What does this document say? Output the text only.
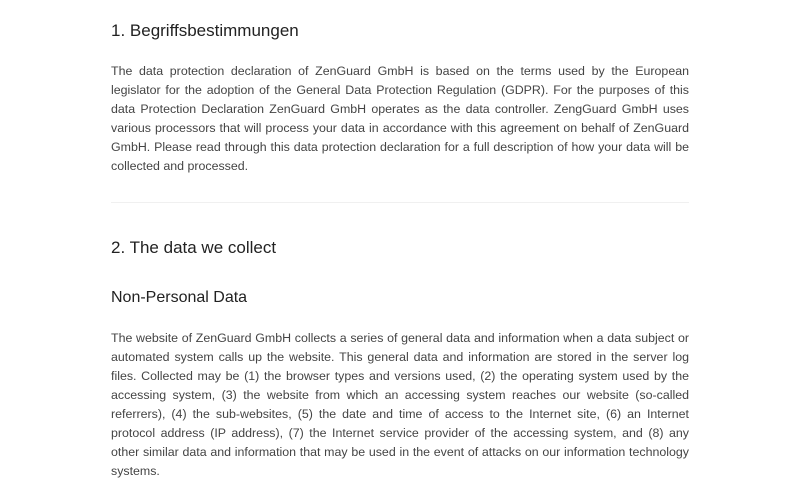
1. Begriffsbestimmungen

The data protection declaration of ZenGuard GmbH is based on the terms used by the European legislator for the adoption of the General Data Protection Regulation (GDPR). For the purposes of this data Protection Declaration ZenGuard GmbH operates as the data controller. ZengGuard GmbH uses various processors that will process your data in accordance with this agreement on behalf of ZenGuard GmbH. Please read through this data protection declaration for a full description of how your data will be collected and processed.

2. The data we collect
Non-Personal Data

The website of ZenGuard GmbH collects a series of general data and information when a data subject or automated system calls up the website. This general data and information are stored in the server log files. Collected may be (1) the browser types and versions used, (2) the operating system used by the accessing system, (3) the website from which an accessing system reaches our website (so-called referrers), (4) the sub-websites, (5) the date and time of access to the Internet site, (6) an Internet protocol address (IP address), (7) the Internet service provider of the accessing system, and (8) any other similar data and information that may be used in the event of attacks on our information technology systems.
